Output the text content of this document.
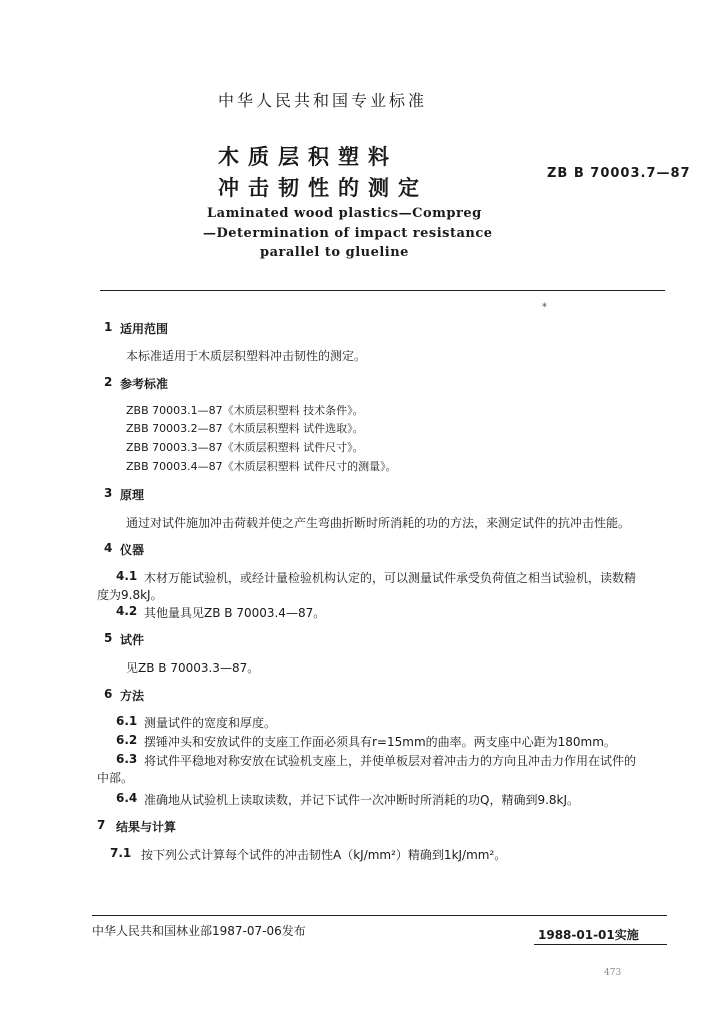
中华人民共和国专业标准
木质层积塑料
冲击韧性的测定
ZB B 70003.7—87
Laminated wood plastics—Compreg
—Determination of impact resistance
parallel to glueline
*
1 适用范围
本标准适用于木质层积塑料冲击韧性的测定。
2 参考标准
ZBB 70003.1—87《木质层积塑料 技术条件》。
ZBB 70003.2—87《木质层积塑料 试件选取》。
ZBB 70003.3—87《木质层积塑料 试件尺寸》。
ZBB 70003.4—87《木质层积塑料 试件尺寸的测量》。
3 原理
通过对试件施加冲击荷载并使之产生弯曲折断时所消耗的功的方法，来测定试件的抗冲击性能。
4 仪器
4.1 木材万能试验机，或经计量检验机构认定的，可以测量试件承受负荷值之相当试验机，读数精
度为9.8kJ。
4.2 其他量具见ZB B 70003.4—87。
5 试件
见ZB B 70003.3—87。
6 方法
6.1 测量试件的宽度和厚度。
6.2 摆锤冲头和安放试件的支座工作面必须具有r=15mm的曲率。两支座中心距为180mm。
6.3 将试件平稳地对称安放在试验机支座上，并使单板层对着冲击力的方向且冲击力作用在试件的
中部。
6.4 准确地从试验机上读取读数，并记下试件一次冲断时所消耗的功Q，精确到9.8kJ。
7 结果与计算
7.1 按下列公式计算每个试件的冲击韧性A（kJ/mm²）精确到1kJ/mm²。
中华人民共和国林业部1987-07-06发布	1988-01-01实施
473
